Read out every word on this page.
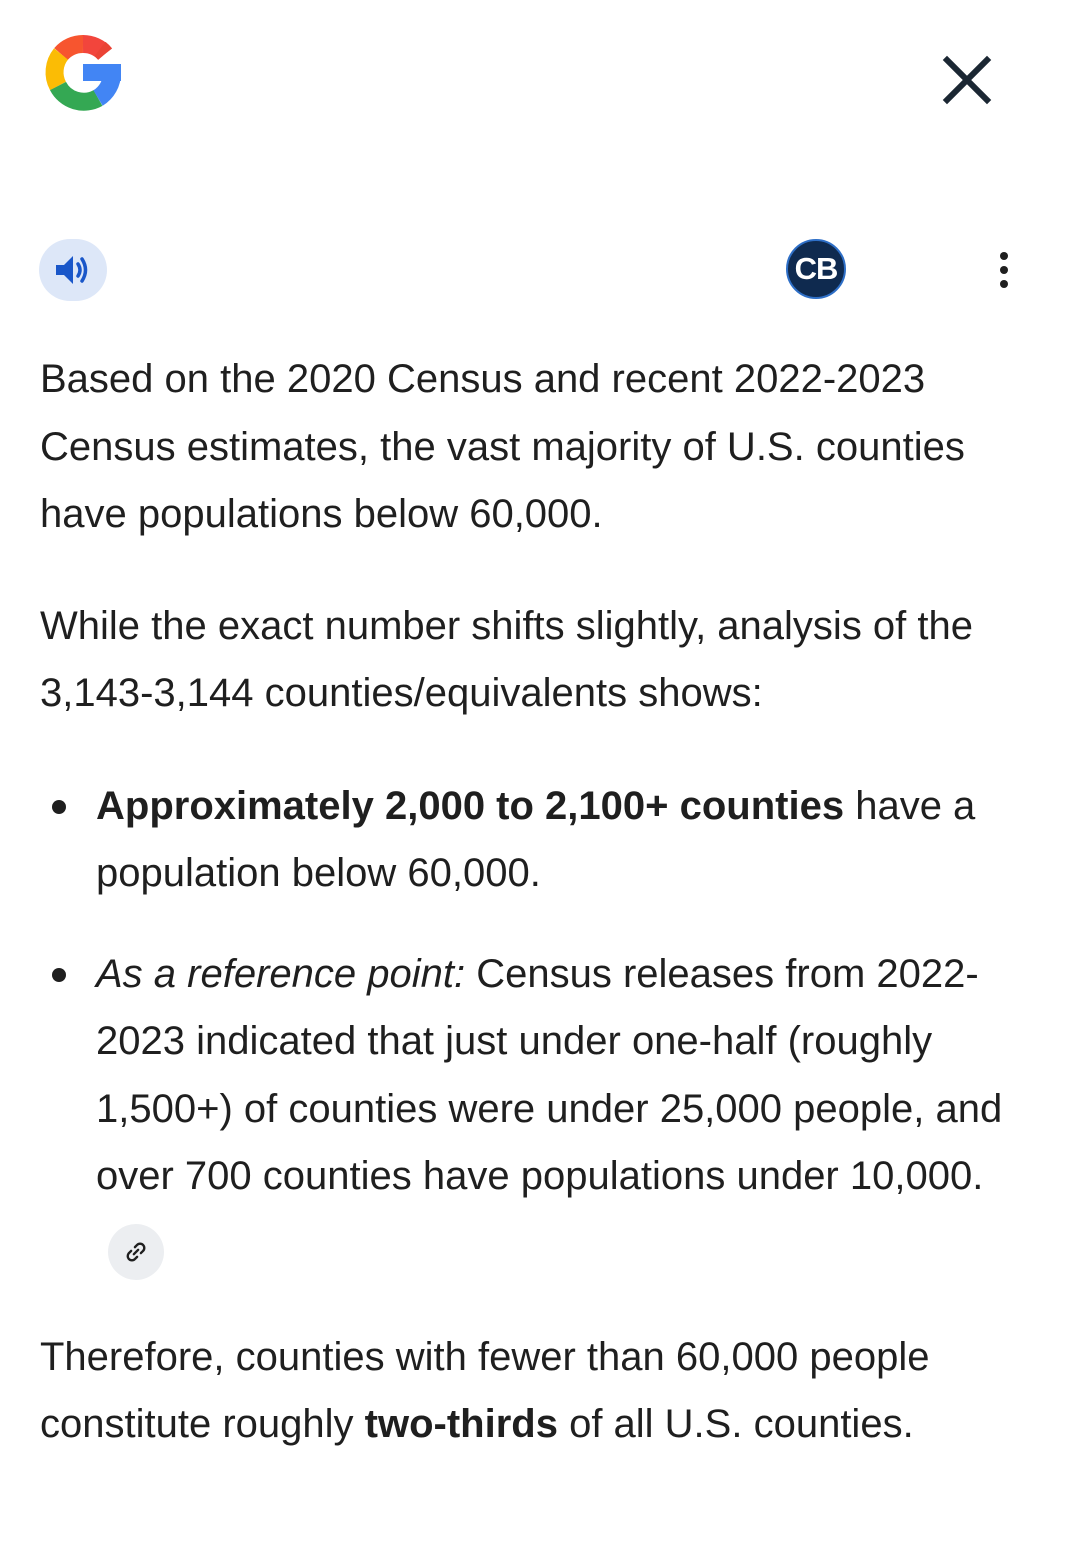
CB

Based on the 2020 Census and recent 2022-2023 Census estimates, the vast majority of U.S. counties have populations below 60,000.

While the exact number shifts slightly, analysis of the 3,143-3,144 counties/equivalents shows:

Approximately 2,000 to 2,100+ counties have a population below 60,000.
As a reference point: Census releases from 2022-2023 indicated that just under one-half (roughly 1,500+) of counties were under 25,000 people, and over 700 counties have populations under 10,000.

Therefore, counties with fewer than 60,000 people constitute roughly two-thirds of all U.S. counties.
